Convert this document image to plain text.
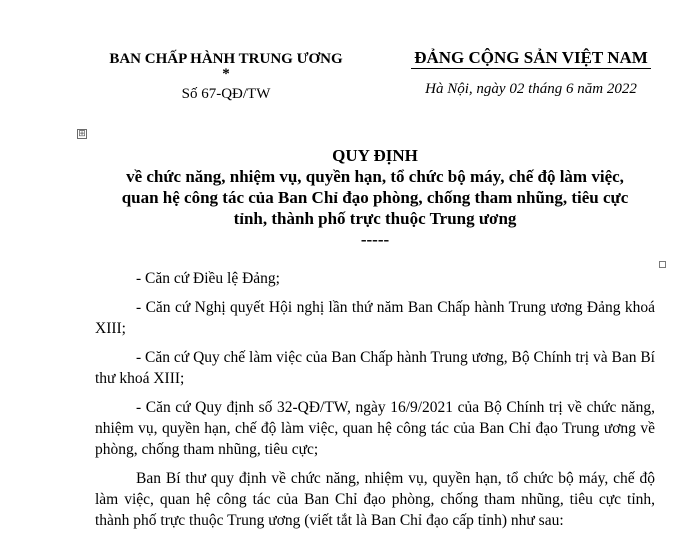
BAN CHẤP HÀNH TRUNG ƯƠNG
*
Số 67-QĐ/TW
ĐẢNG CỘNG SẢN VIỆT NAM
Hà Nội, ngày 02 tháng 6 năm 2022
⊞
QUY ĐỊNH
về chức năng, nhiệm vụ, quyền hạn, tổ chức bộ máy, chế độ làm việc,
quan hệ công tác của Ban Chỉ đạo phòng, chống tham nhũng, tiêu cực
tỉnh, thành phố trực thuộc Trung ương
-----

- Căn cứ Điều lệ Đảng;

- Căn cứ Nghị quyết Hội nghị lần thứ năm Ban Chấp hành Trung ương Đảng khoá XIII;

- Căn cứ Quy chế làm việc của Ban Chấp hành Trung ương, Bộ Chính trị và Ban Bí thư khoá XIII;

- Căn cứ Quy định số 32-QĐ/TW, ngày 16/9/2021 của Bộ Chính trị về chức năng, nhiệm vụ, quyền hạn, chế độ làm việc, quan hệ công tác của Ban Chỉ đạo Trung ương về phòng, chống tham nhũng, tiêu cực;

Ban Bí thư quy định về chức năng, nhiệm vụ, quyền hạn, tổ chức bộ máy, chế độ làm việc, quan hệ công tác của Ban Chỉ đạo phòng, chống tham nhũng, tiêu cực tỉnh, thành phố trực thuộc Trung ương (viết tắt là Ban Chỉ đạo cấp tỉnh) như sau:
